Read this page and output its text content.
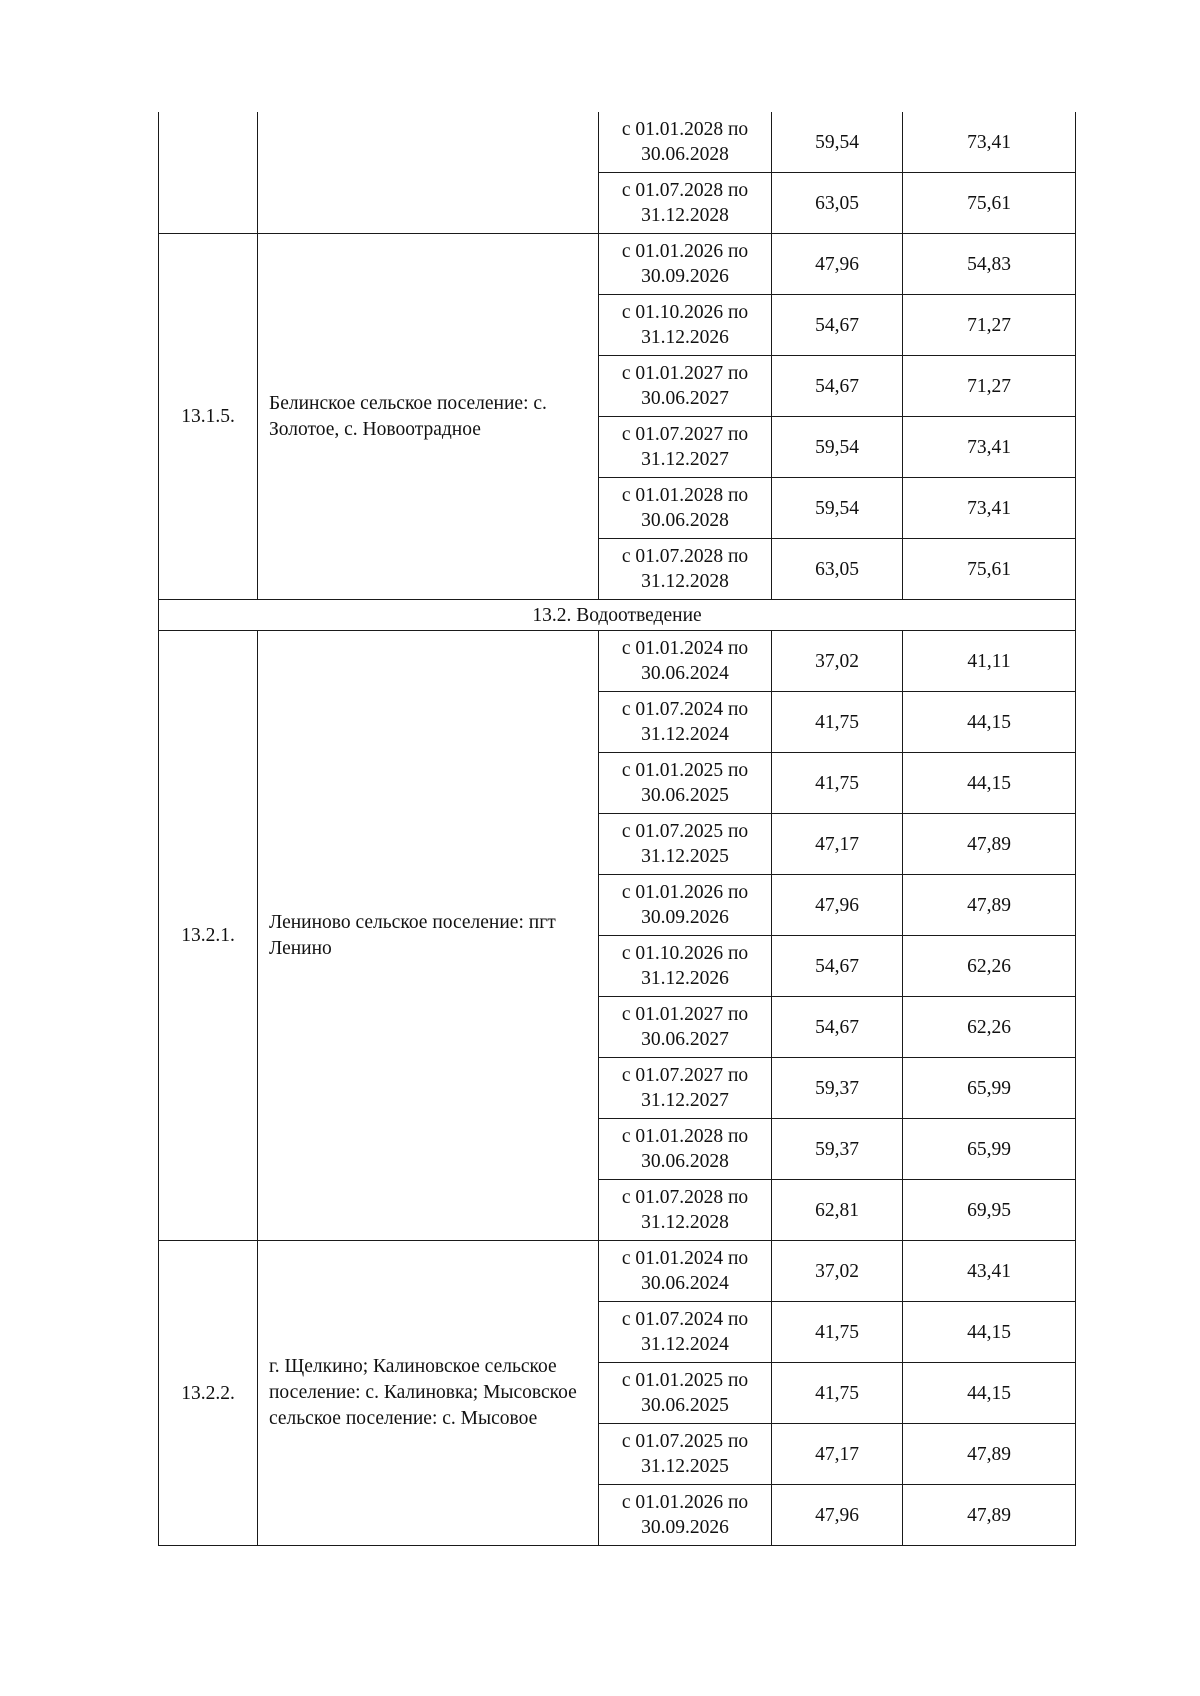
		с 01.01.2028 по
30.06.2028	59,54	73,41

		с 01.07.2028 по
31.12.2028	63,05	75,61
13.1.5.	Белинское сельское поселение: с. Золотое, с. Новоотрадное	с 01.01.2026 по
30.09.2026	47,96	54,83

		с 01.10.2026 по
31.12.2026	54,67	71,27

		с 01.01.2027 по
30.06.2027	54,67	71,27

		с 01.07.2027 по
31.12.2027	59,54	73,41

		с 01.01.2028 по
30.06.2028	59,54	73,41

		с 01.07.2028 по
31.12.2028	63,05	75,61
13.2. Водоотведение				
13.2.1.	Лениново сельское поселение: пгт Ленино	с 01.01.2024 по
30.06.2024	37,02	41,11

		с 01.07.2024 по
31.12.2024	41,75	44,15

		с 01.01.2025 по
30.06.2025	41,75	44,15

		с 01.07.2025 по
31.12.2025	47,17	47,89

		с 01.01.2026 по
30.09.2026	47,96	47,89

		с 01.10.2026 по
31.12.2026	54,67	62,26

		с 01.01.2027 по
30.06.2027	54,67	62,26

		с 01.07.2027 по
31.12.2027	59,37	65,99

		с 01.01.2028 по
30.06.2028	59,37	65,99

		с 01.07.2028 по
31.12.2028	62,81	69,95
13.2.2.	г. Щелкино; Калиновское сельское поселение: с. Калиновка; Мысовское сельское поселение: с. Мысовое	с 01.01.2024 по
30.06.2024	37,02	43,41

		с 01.07.2024 по
31.12.2024	41,75	44,15

		с 01.01.2025 по
30.06.2025	41,75	44,15

		с 01.07.2025 по
31.12.2025	47,17	47,89

		с 01.01.2026 по
30.09.2026	47,96	47,89
